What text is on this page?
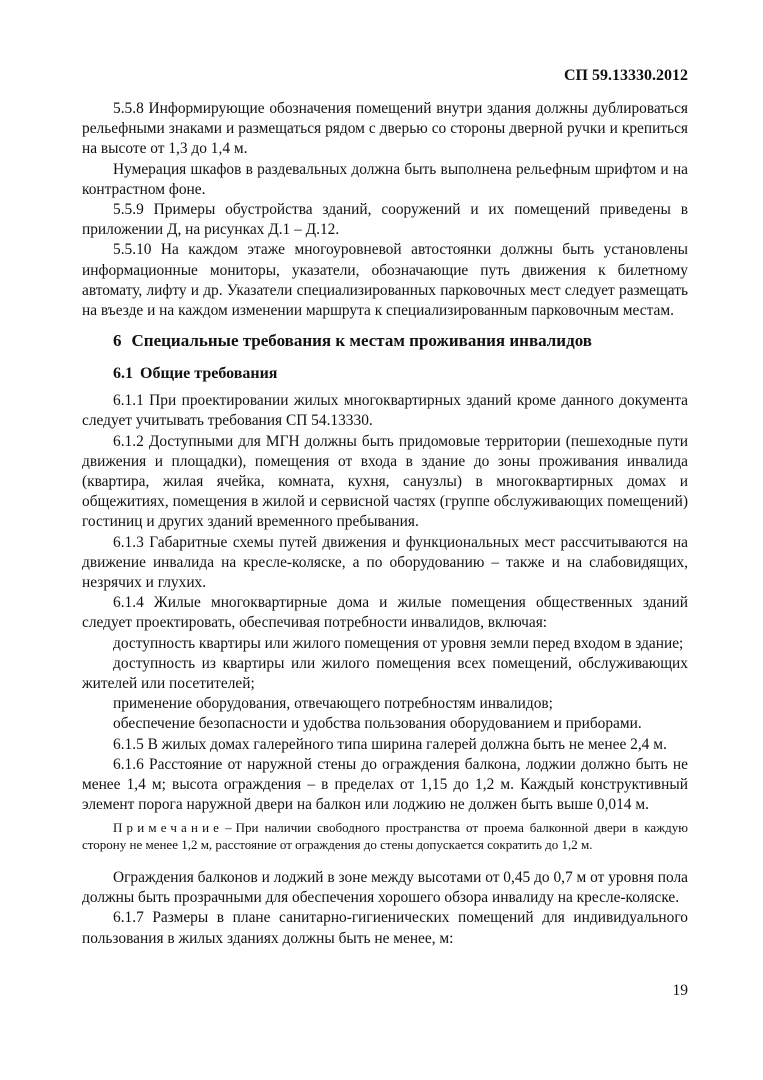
СП 59.13330.2012

5.5.8 Информирующие обозначения помещений внутри здания должны дублироваться рельефными знаками и размещаться рядом с дверью со стороны дверной ручки и крепиться на высоте от 1,3 до 1,4 м.

Нумерация шкафов в раздевальных должна быть выполнена рельефным шрифтом и на контрастном фоне.

5.5.9 Примеры обустройства зданий, сооружений и их помещений приведены в приложении Д, на рисунках Д.1 – Д.12.

5.5.10 На каждом этаже многоуровневой автостоянки должны быть установлены информационные мониторы, указатели, обозначающие путь движения к билетному автомату, лифту и др. Указатели специализированных парковочных мест следует размещать на въезде и на каждом изменении маршрута к специализированным парковочным местам.

6 Специальные требования к местам проживания инвалидов
6.1 Общие требования

6.1.1 При проектировании жилых многоквартирных зданий кроме данного документа следует учитывать требования СП 54.13330.

6.1.2 Доступными для МГН должны быть придомовые территории (пешеходные пути движения и площадки), помещения от входа в здание до зоны проживания инвалида (квартира, жилая ячейка, комната, кухня, санузлы) в многоквартирных домах и общежитиях, помещения в жилой и сервисной частях (группе обслуживающих помещений) гостиниц и других зданий временного пребывания.

6.1.3 Габаритные схемы путей движения и функциональных мест рассчитываются на движение инвалида на кресле-коляске, а по оборудованию – также и на слабовидящих, незрячих и глухих.

6.1.4 Жилые многоквартирные дома и жилые помещения общественных зданий следует проектировать, обеспечивая потребности инвалидов, включая:

доступность квартиры или жилого помещения от уровня земли перед входом в здание;

доступность из квартиры или жилого помещения всех помещений, обслуживающих жителей или посетителей;

применение оборудования, отвечающего потребностям инвалидов;

обеспечение безопасности и удобства пользования оборудованием и приборами.

6.1.5 В жилых домах галерейного типа ширина галерей должна быть не менее 2,4 м.

6.1.6 Расстояние от наружной стены до ограждения балкона, лоджии должно быть не менее 1,4 м; высота ограждения – в пределах от 1,15 до 1,2 м. Каждый конструктивный элемент порога наружной двери на балкон или лоджию не должен быть выше 0,014 м.

Примечание – При наличии свободного пространства от проема балконной двери в каждую сторону не менее 1,2 м, расстояние от ограждения до стены допускается сократить до 1,2 м.

Ограждения балконов и лоджий в зоне между высотами от 0,45 до 0,7 м от уровня пола должны быть прозрачными для обеспечения хорошего обзора инвалиду на кресле-коляске.

6.1.7 Размеры в плане санитарно-гигиенических помещений для индивидуального пользования в жилых зданиях должны быть не менее, м:

19
